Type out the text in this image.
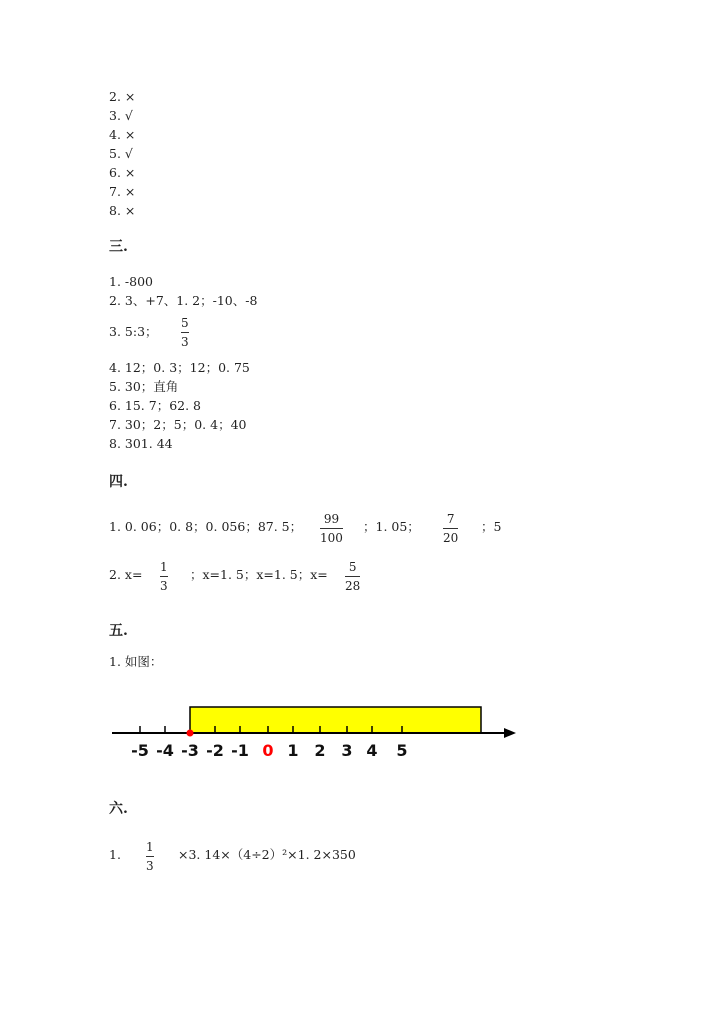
2. ×
3. √
4. ×
5. √
6. ×
7. ×
8. ×
三.
1. -800
2. 3、+7、1. 2；-10、-8
3. 5:3；
5
3
4. 12；0. 3；12；0. 75
5. 30；直角
6. 15. 7；62. 8
7. 30；2；5；0. 4；40
8. 301. 44
四.
1. 0. 06；0. 8；0. 056；87. 5； 99
100
；1. 05； 7
20
；5
2. x= 1
3
；x=1. 5；x=1. 5；x= 5
28
五.
1. 如图：
-5 -4 -3 -2 -1 0 1 2 3 4 5
六.
1. 1
3
×3. 14×（4÷2）²×1. 2×350
